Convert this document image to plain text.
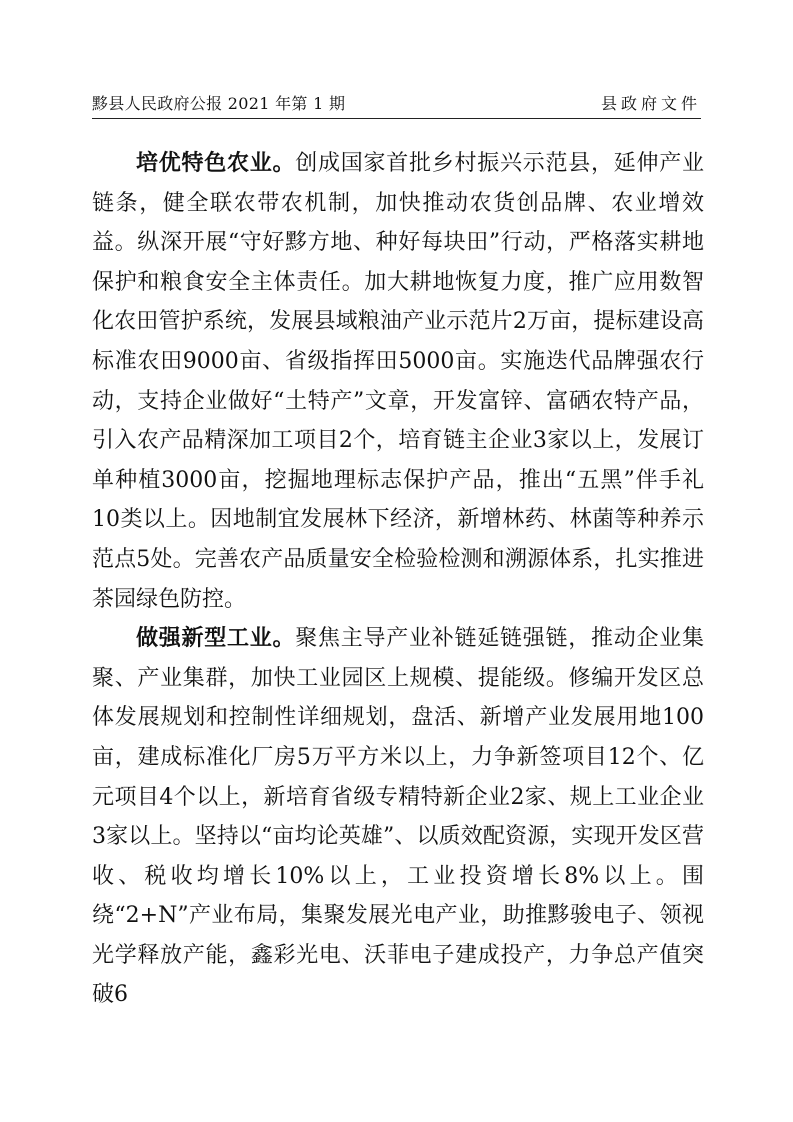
黟县人民政府公报 2021 年第 1 期	县政府文件

培优特色农业。创成国家首批乡村振兴示范县，延伸产业链条，健全联农带农机制，加快推动农货创品牌、农业增效益。纵深开展“守好黟方地、种好每块田”行动，严格落实耕地保护和粮食安全主体责任。加大耕地恢复力度，推广应用数智化农田管护系统，发展县域粮油产业示范片2万亩，提标建设高标准农田9000亩、省级指挥田5000亩。实施迭代品牌强农行动，支持企业做好“土特产”文章，开发富锌、富硒农特产品，引入农产品精深加工项目2个，培育链主企业3家以上，发展订单种植3000亩，挖掘地理标志保护产品，推出“五黑”伴手礼10类以上。因地制宜发展林下经济，新增林药、林菌等种养示范点5处。完善农产品质量安全检验检测和溯源体系，扎实推进茶园绿色防控。

做强新型工业。聚焦主导产业补链延链强链，推动企业集聚、产业集群，加快工业园区上规模、提能级。修编开发区总体发展规划和控制性详细规划，盘活、新增产业发展用地100亩，建成标准化厂房5万平方米以上，力争新签项目12个、亿元项目4个以上，新培育省级专精特新企业2家、规上工业企业3家以上。坚持以“亩均论英雄”、以质效配资源，实现开发区营收、税收均增长10%以上，工业投资增长8%以上。围绕“2+N”产业布局，集聚发展光电产业，助推黟骏电子、领视光学释放产能，鑫彩光电、沃菲电子建成投产，力争总产值突破6
